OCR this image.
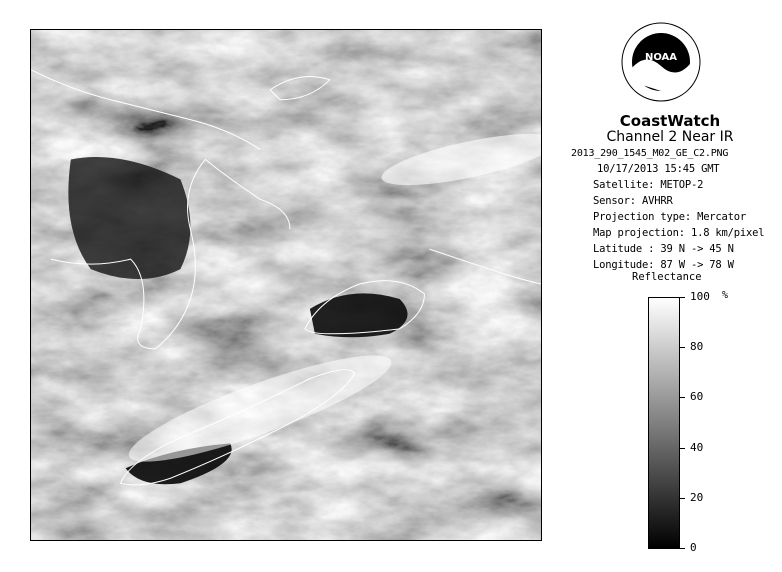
NOAA
CoastWatch
Channel 2 Near IR
2013_290_1545_M02_GE_C2.PNG
10/17/2013 15:45 GMT
Satellite: METOP-2
Sensor: AVHRR
Projection type: Mercator
Map projection: 1.8 km/pixel
Latitude : 39 N -> 45 N
Longitude: 87 W -> 78 W
Reflectance
%
100
80
60
40
20
0
